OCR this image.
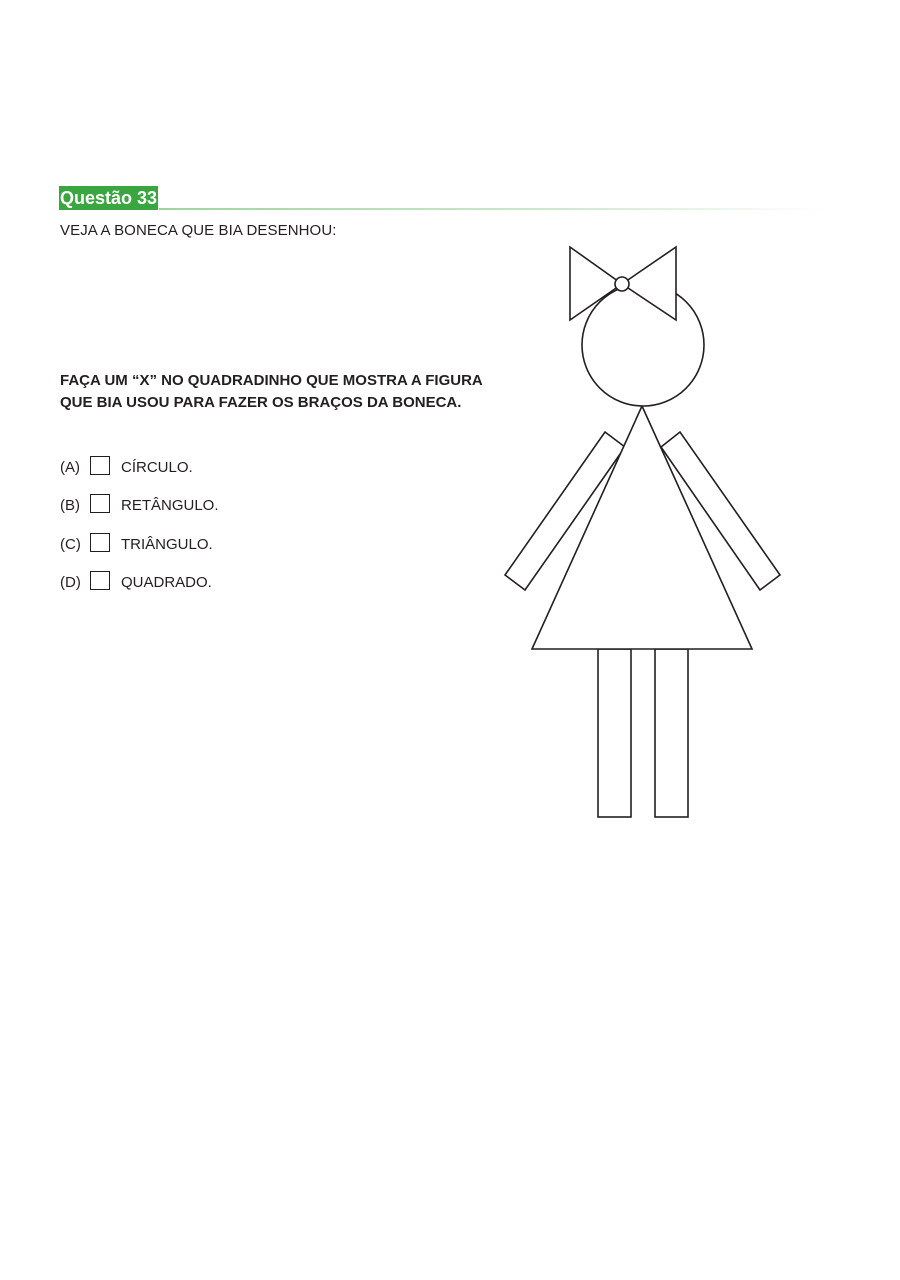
Questão 33
VEJA A BONECA QUE BIA DESENHOU:
FAÇA UM “X” NO QUADRADINHO QUE MOSTRA A FIGURA
QUE BIA USOU PARA FAZER OS BRAÇOS DA BONECA.
(A)	CÍRCULO.
(B)	RETÂNGULO.
(C)	TRIÂNGULO.
(D)	QUADRADO.
